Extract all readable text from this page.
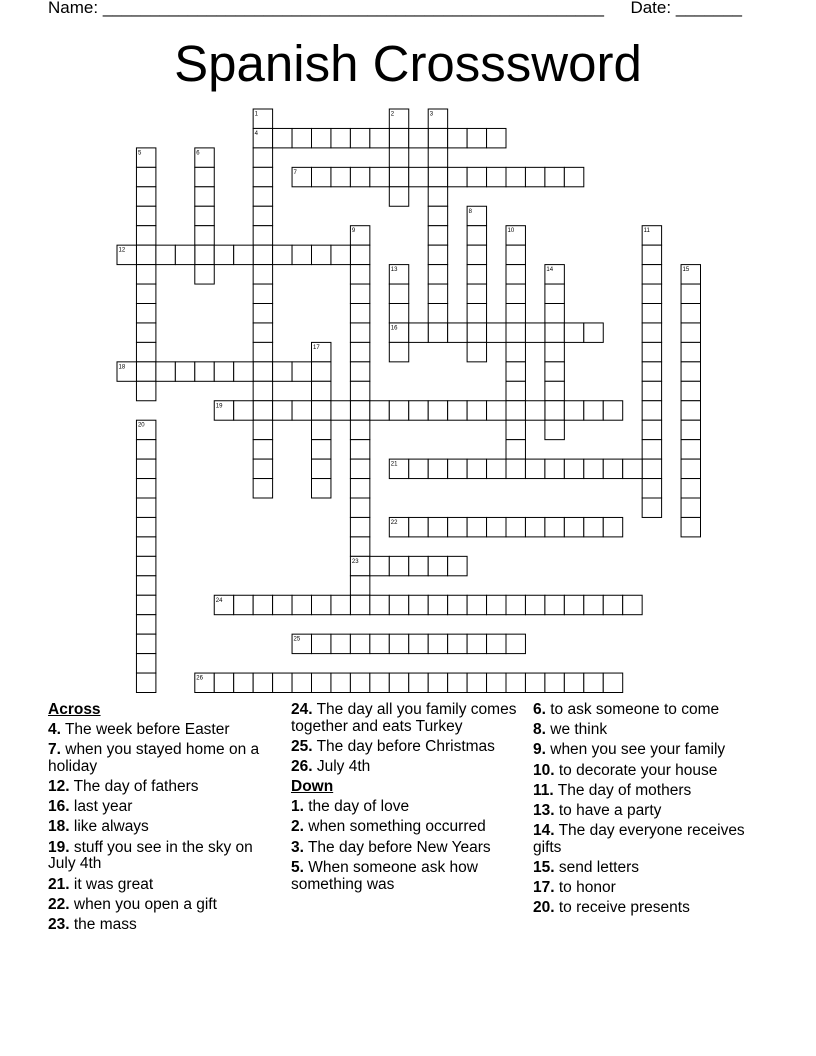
Name: _____________________________________________________ Date: _______
Spanish Crosssword
1	2	3
4
5	6
7
8
9	10	11
12
13	14	15
16
17
18
19
20
21
22
23
24
25
26
Across
4. The week before Easter
7. when you stayed home on a holiday
12. The day of fathers
16. last year
18. like always
19. stuff you see in the sky on July 4th
21. it was great
22. when you open a gift
23. the mass
24. The day all you family comes together and eats Turkey
25. The day before Christmas
26. July 4th
Down
1. the day of love
2. when something occurred
3. The day before New Years
5. When someone ask how something was
6. to ask someone to come
8. we think
9. when you see your family
10. to decorate your house
11. The day of mothers
13. to have a party
14. The day everyone receives gifts
15. send letters
17. to honor
20. to receive presents
